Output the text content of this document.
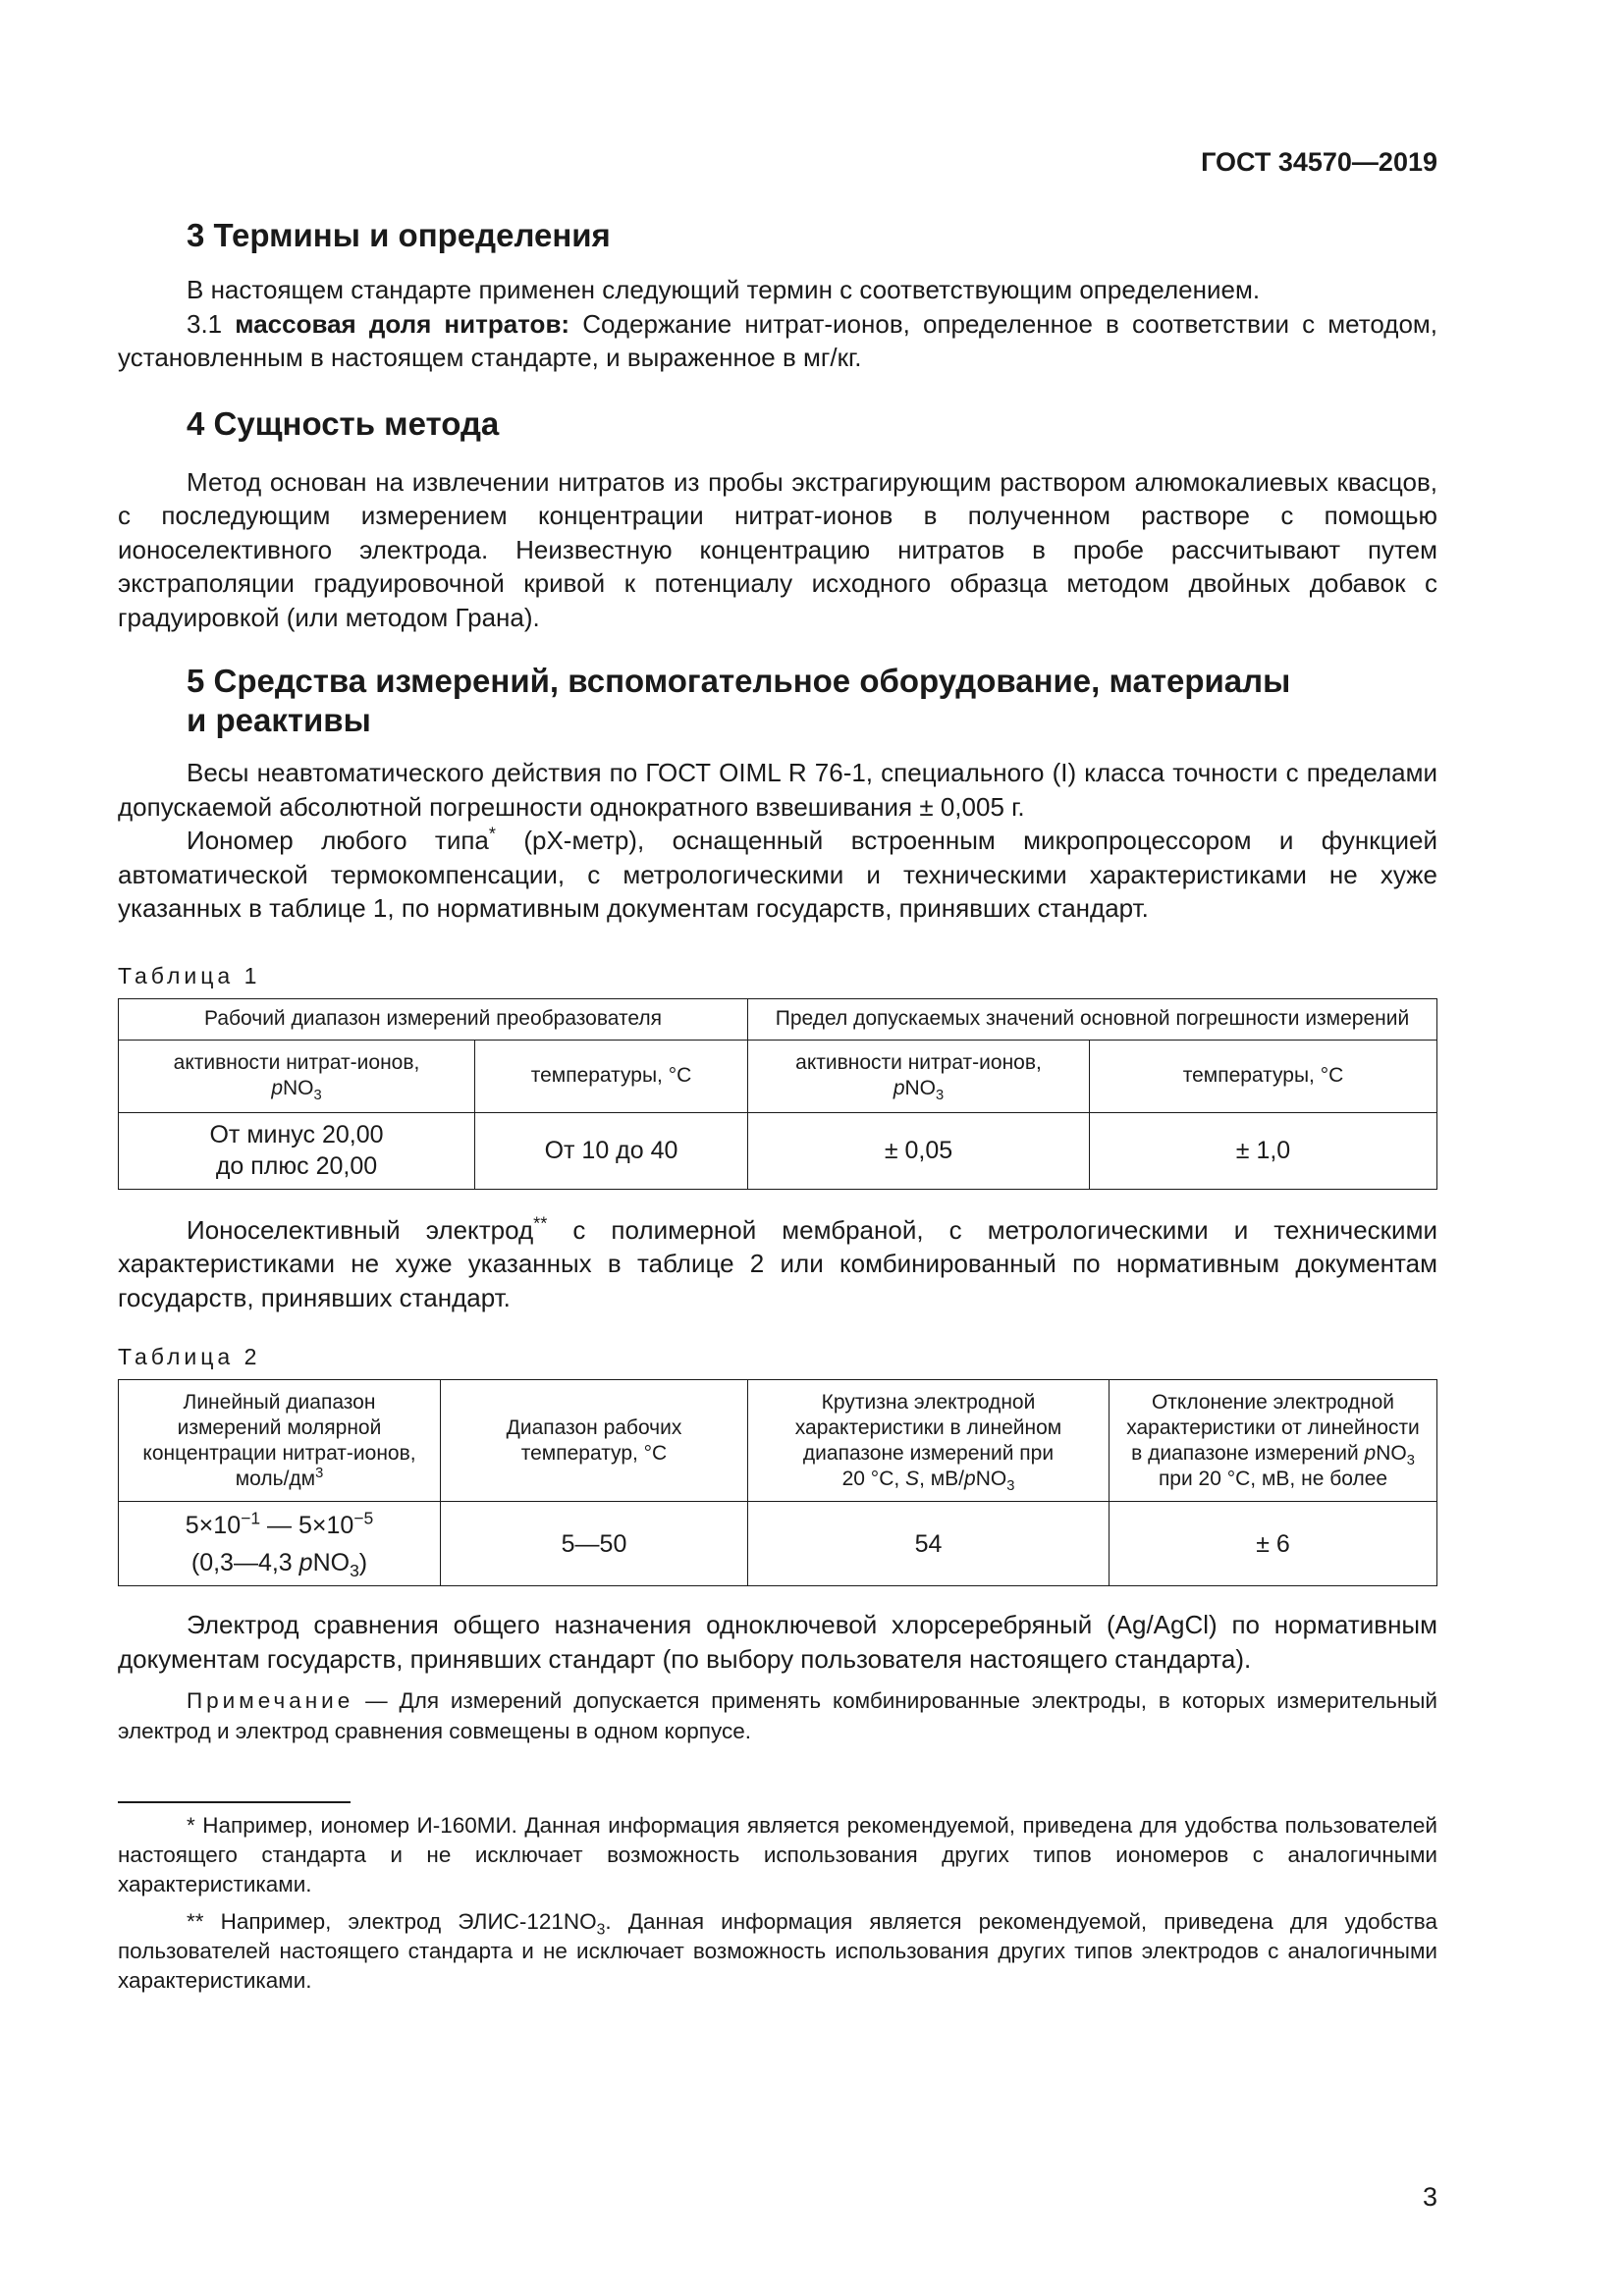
ГОСТ 34570—2019
3 Термины и определения

В настоящем стандарте применен следующий термин с соответствующим определением.

3.1 массовая доля нитратов: Содержание нитрат-ионов, определенное в соответствии с методом, установленным в настоящем стандарте, и выраженное в мг/кг.

4 Сущность метода

Метод основан на извлечении нитратов из пробы экстрагирующим раствором алюмокалиевых квасцов, с последующим измерением концентрации нитрат-ионов в полученном растворе с помощью ионоселективного электрода. Неизвестную концентрацию нитратов в пробе рассчитывают путем экстраполяции градуировочной кривой к потенциалу исходного образца методом двойных добавок с градуировкой (или методом Грана).

5 Средства измерений, вспомогательное оборудование, материалы
и реактивы

Весы неавтоматического действия по ГОСТ OIML R 76-1, специального (I) класса точности с пределами допускаемой абсолютной погрешности однократного взвешивания ± 0,005 г.

Иономер любого типа* (рХ-метр), оснащенный встроенным микропроцессором и функцией автоматической термокомпенсации, с метрологическими и техническими характеристиками не хуже указанных в таблице 1, по нормативным документам государств, принявших стандарт.

Таблица 1
Рабочий диапазон измерений преобразователя		Предел допускаемых значений основной погрешности измерений	
активности нитрат-ионов,
pNO$_3$	температуры, °С	активности нитрат-ионов,
pNO$_3$	температуры, °С
От минус 20,00
до плюс 20,00	От 10 до 40	± 0,05	± 1,0

Ионоселективный электрод** с полимерной мембраной, с метрологическими и техническими характеристиками не хуже указанных в таблице 2 или комбинированный по нормативным документам государств, принявших стандарт.

Таблица 2
Линейный диапазон
измерений молярной
концентрации нитрат-ионов,
моль/$дм^3$	Диапазон рабочих
температур, °С	Крутизна электродной
характеристики в линейном
диапазоне измерений при
20 °С, S, мВ/pNO$_3$	Отклонение электродной
характеристики от линейности
в диапазоне измерений pNO$_3$
при 20 °С, мВ, не более
$5\times 10^{-1}$ — $5\times 10^{-5}$
(0,3—4,3 pNO$_3$)	5—50	54	± 6

Электрод сравнения общего назначения одноключевой хлорсеребряный (Ag/AgCl) по нормативным документам государств, принявших стандарт (по выбору пользователя настоящего стандарта).

Примечание — Для измерений допускается применять комбинированные электроды, в которых измерительный электрод и электрод сравнения совмещены в одном корпусе.

* Например, иономер И-160МИ. Данная информация является рекомендуемой, приведена для удобства пользователей настоящего стандарта и не исключает возможность использования других типов иономеров с аналогичными характеристиками.

** Например, электрод ЭЛИС-$121NO_3$. Данная информация является рекомендуемой, приведена для удобства пользователей настоящего стандарта и не исключает возможность использования других типов электродов с аналогичными характеристиками.

3
